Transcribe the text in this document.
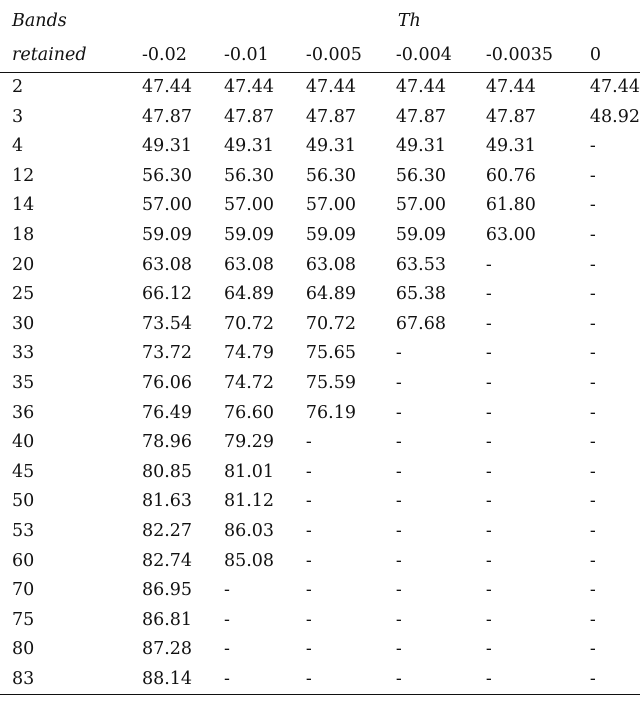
Bands				Th		
retained	-0.02	-0.01	-0.005	-0.004	-0.0035	0
2	47.44	47.44	47.44	47.44	47.44	47.44
3	47.87	47.87	47.87	47.87	47.87	48.92
4	49.31	49.31	49.31	49.31	49.31	-
12	56.30	56.30	56.30	56.30	60.76	-
14	57.00	57.00	57.00	57.00	61.80	-
18	59.09	59.09	59.09	59.09	63.00	-
20	63.08	63.08	63.08	63.53	-	-
25	66.12	64.89	64.89	65.38	-	-
30	73.54	70.72	70.72	67.68	-	-
33	73.72	74.79	75.65	-	-	-
35	76.06	74.72	75.59	-	-	-
36	76.49	76.60	76.19	-	-	-
40	78.96	79.29	-	-	-	-
45	80.85	81.01	-	-	-	-
50	81.63	81.12	-	-	-	-
53	82.27	86.03	-	-	-	-
60	82.74	85.08	-	-	-	-
70	86.95	-	-	-	-	-
75	86.81	-	-	-	-	-
80	87.28	-	-	-	-	-
83	88.14	-	-	-	-	-
